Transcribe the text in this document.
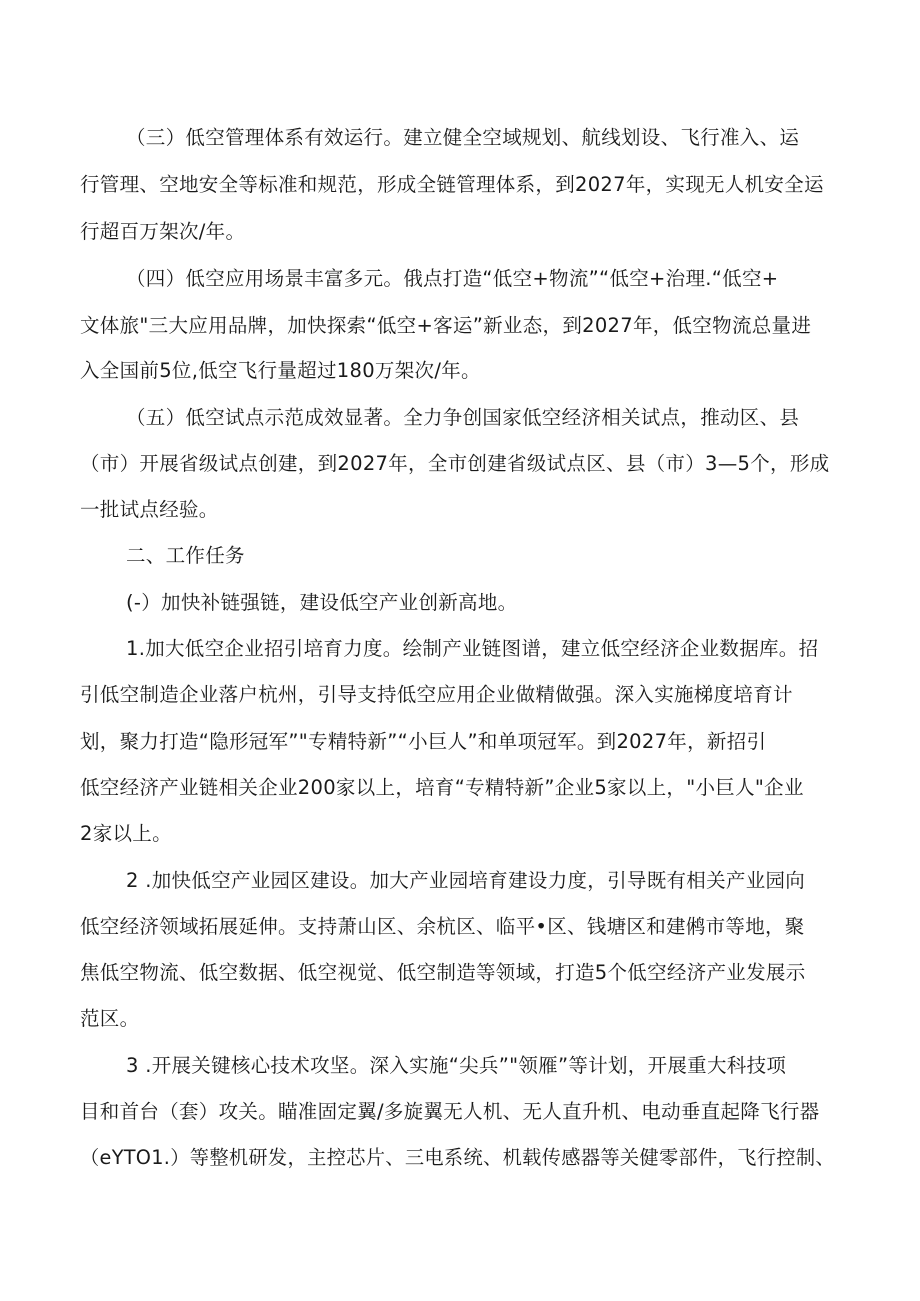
（三）低空管理体系有效运行。建立健全空域规划、航线划设、飞行准入、运
行管理、空地安全等标准和规范，形成全链管理体系，到2027年，实现无人机安全运
行超百万架次/年。
（四）低空应用场景丰富多元。俄点打造“低空+物流”“低空+治理.“低空+
文体旅"三大应用品牌，加快探索“低空+客运”新业态，到2027年，低空物流总量进
入全国前5位,低空飞行量超过180万架次/年。
（五）低空试点示范成效显著。全力争创国家低空经济相关试点，推动区、县
（市）开展省级试点创建，到2027年，全市创建省级试点区、县（市）3—5个，形成
一批试点经验。
二、工作任务
(-）加快补链强链，建设低空产业创新高地。
1.加大低空企业招引培育力度。绘制产业链图谱，建立低空经济企业数据库。招
引低空制造企业落户杭州，引导支持低空应用企业做精做强。深入实施梯度培育计
划，聚力打造“隐形冠军”"专精特新”“小巨人”和单项冠军。到2027年，新招引
低空经济产业链相关企业200家以上，培育“专精特新”企业5家以上，"小巨人"企业
2家以上。
2 .加快低空产业园区建设。加大产业园培育建设力度，引导既有相关产业园向
低空经济领域拓展延伸。支持萧山区、余杭区、临平•区、钱塘区和建鸺市等地，聚
焦低空物流、低空数据、低空视觉、低空制造等领域，打造5个低空经济产业发展示
范区。
3 .开展关键核心技术攻坚。深入实施“尖兵”"领雁”等计划，开展重大科技项
目和首台（套）攻关。瞄准固定翼/多旋翼无人机、无人直升机、电动垂直起降飞行器
（eYTO1.）等整机研发，主控芯片、三电系统、机载传感器等关健零部件，飞行控制、
